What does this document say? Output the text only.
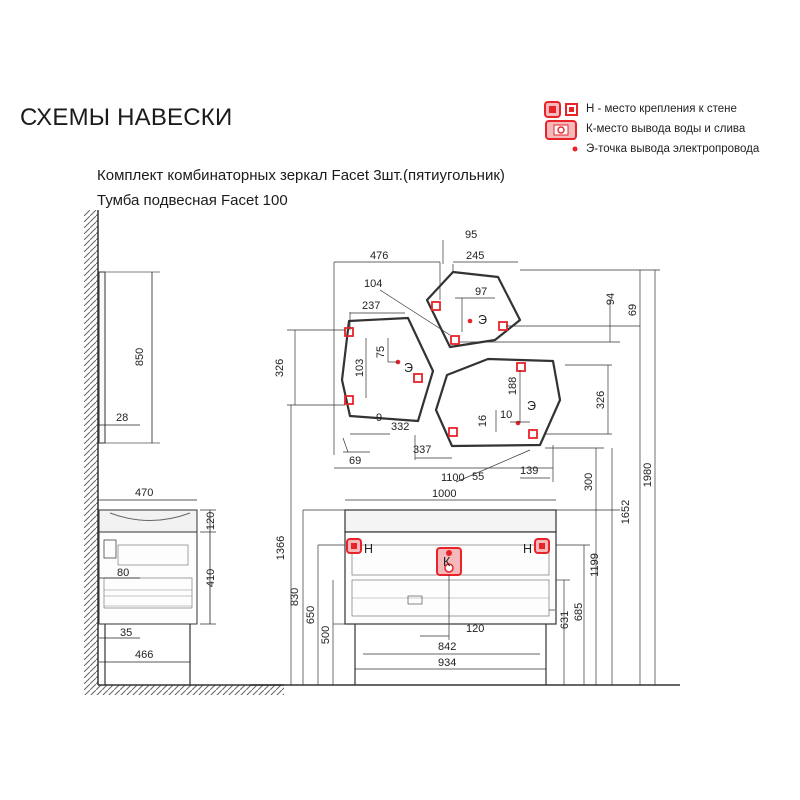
СХЕМЫ НАВЕСКИ
Комплект комбинаторных зеркал Facet 3шт.(пятиугольник)
Тумба подвесная Facet 100
Н - место крепления к стене
К-место вывода воды и слива
Э-точка вывода электропровода
850
28
470
120
410
80
35
466
Э
Э
Э
476
95
245
104
97
94
69
237
326	103
75
188
326
9
332	16 10
69
337
1100 55	139
300
1000
Н	Н
К
1366
830
650
500	120
842
934
1199
631 685
1652
1980
